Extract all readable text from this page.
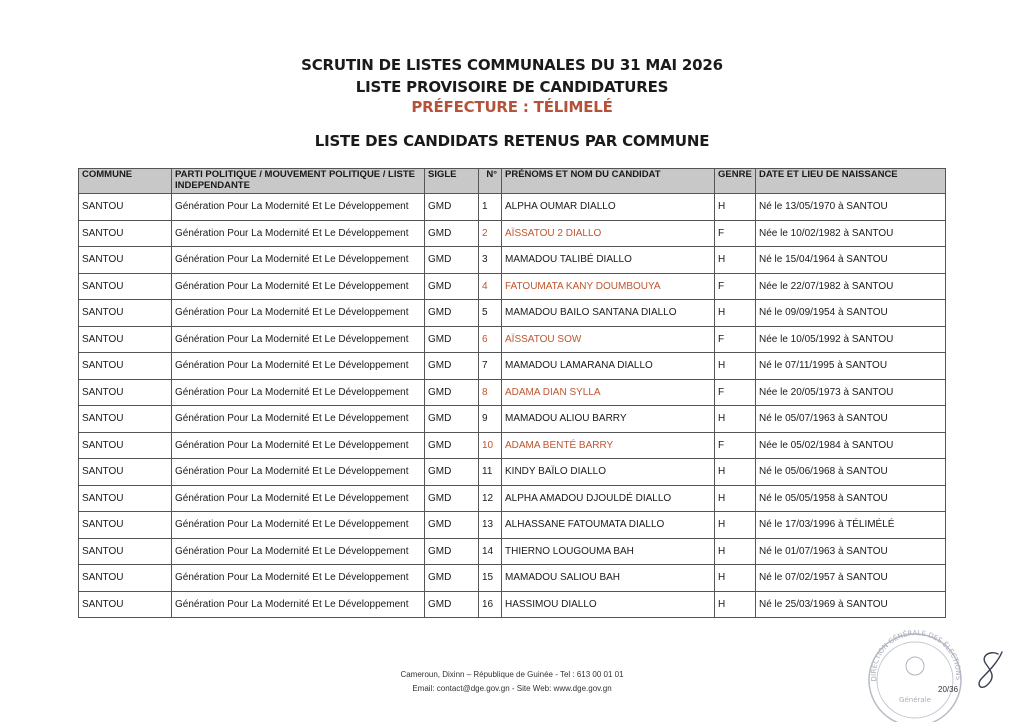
SCRUTIN DE LISTES COMMUNALES DU 31 MAI 2026
LISTE PROVISOIRE DE CANDIDATURES
PRÉFECTURE : TÉLIMELÉ
LISTE DES CANDIDATS RETENUS PAR COMMUNE
COMMUNE	PARTI POLITIQUE / MOUVEMENT POLITIQUE / LISTE INDEPENDANTE	SIGLE	N°	PRÉNOMS ET NOM DU CANDIDAT	GENRE	DATE ET LIEU DE NAISSANCE
SANTOU	Génération Pour La Modernité Et Le Développement	GMD	1	ALPHA OUMAR DIALLO	H	Né le 13/05/1970 à SANTOU
SANTOU	Génération Pour La Modernité Et Le Développement	GMD	2	AÏSSATOU 2 DIALLO	F	Née le 10/02/1982 à SANTOU
SANTOU	Génération Pour La Modernité Et Le Développement	GMD	3	MAMADOU TALIBÉ DIALLO	H	Né le 15/04/1964 à SANTOU
SANTOU	Génération Pour La Modernité Et Le Développement	GMD	4	FATOUMATA KANY DOUMBOUYA	F	Née le 22/07/1982 à SANTOU
SANTOU	Génération Pour La Modernité Et Le Développement	GMD	5	MAMADOU BAILO SANTANA DIALLO	H	Né le 09/09/1954 à SANTOU
SANTOU	Génération Pour La Modernité Et Le Développement	GMD	6	AÏSSATOU SOW	F	Née le 10/05/1992 à SANTOU
SANTOU	Génération Pour La Modernité Et Le Développement	GMD	7	MAMADOU LAMARANA DIALLO	H	Né le 07/11/1995 à SANTOU
SANTOU	Génération Pour La Modernité Et Le Développement	GMD	8	ADAMA DIAN SYLLA	F	Née le 20/05/1973 à SANTOU
SANTOU	Génération Pour La Modernité Et Le Développement	GMD	9	MAMADOU ALIOU BARRY	H	Né le 05/07/1963 à SANTOU
SANTOU	Génération Pour La Modernité Et Le Développement	GMD	10	ADAMA BENTÉ BARRY	F	Née le 05/02/1984 à SANTOU
SANTOU	Génération Pour La Modernité Et Le Développement	GMD	11	KINDY BAÏLO DIALLO	H	Né le 05/06/1968 à SANTOU
SANTOU	Génération Pour La Modernité Et Le Développement	GMD	12	ALPHA AMADOU DJOULDÉ DIALLO	H	Né le 05/05/1958 à SANTOU
SANTOU	Génération Pour La Modernité Et Le Développement	GMD	13	ALHASSANE FATOUMATA DIALLO	H	Né le 17/03/1996 à TÉLIMÉLÉ
SANTOU	Génération Pour La Modernité Et Le Développement	GMD	14	THIERNO LOUGOUMA BAH	H	Né le 01/07/1963 à SANTOU
SANTOU	Génération Pour La Modernité Et Le Développement	GMD	15	MAMADOU SALIOU BAH	H	Né le 07/02/1957 à SANTOU
SANTOU	Génération Pour La Modernité Et Le Développement	GMD	16	HASSIMOU DIALLO	H	Né le 25/03/1969 à SANTOU
Cameroun, Dixinn – République de Guinée - Tel : 613 00 01 01
Email: contact@dge.gov.gn - Site Web: www.dge.gov.gn
DIRECTION GÉNÉRALE DES ÉLECTIONS
Générale
20/36
